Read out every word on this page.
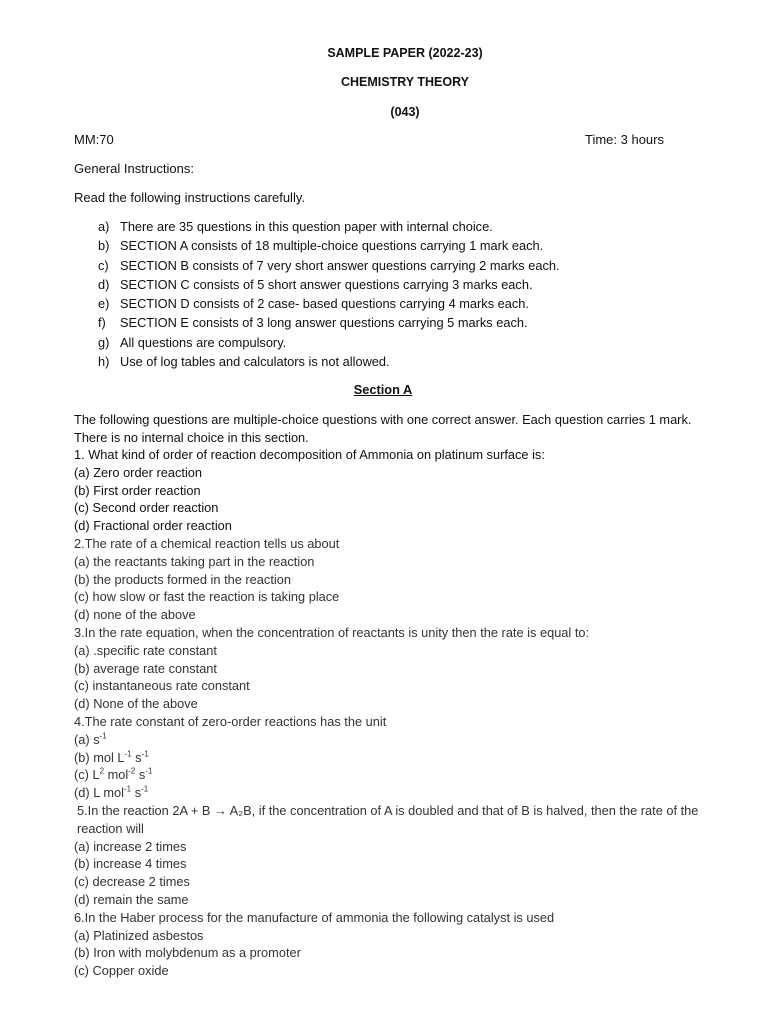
SAMPLE PAPER (2022-23)
CHEMISTRY THEORY
(043)
MM:70	Time: 3 hours
General Instructions:
Read the following instructions carefully.
a) There are 35 questions in this question paper with internal choice.
b) SECTION A consists of 18 multiple-choice questions carrying 1 mark each.
c) SECTION B consists of 7 very short answer questions carrying 2 marks each.
d) SECTION C consists of 5 short answer questions carrying 3 marks each.
e) SECTION D consists of 2 case- based questions carrying 4 marks each.
f)	SECTION E consists of 3 long answer questions carrying 5 marks each.
g) All questions are compulsory.
h) Use of log tables and calculators is not allowed.
Section A
The following questions are multiple-choice questions with one correct answer. Each question carries 1 mark. There is no internal choice in this section.
1. What kind of order of reaction decomposition of Ammonia on platinum surface is:
(a) Zero order reaction
(b) First order reaction
(c) Second order reaction
(d) Fractional order reaction
2.The rate of a chemical reaction tells us about
(a) the reactants taking part in the reaction
(b) the products formed in the reaction
(c) how slow or fast the reaction is taking place
(d) none of the above
3.In the rate equation, when the concentration of reactants is unity then the rate is equal to:
(a) .specific rate constant
(b) average rate constant
(c) instantaneous rate constant
(d) None of the above
4.The rate constant of zero-order reactions has the unit
(a) $s^{-1}$
(b) mol $L^{-1}$ $s^{-1}$
(c) $L^2$ mol$^{-2}$ $s^{-1}$
(d) L mol$^{-1}$ $s^{-1}$
5.In the reaction 2A + B → A₂B, if the concentration of A is doubled and that of B is halved, then the rate of the reaction will
(a) increase 2 times
(b) increase 4 times
(c) decrease 2 times
(d) remain the same
6.In the Haber process for the manufacture of ammonia the following catalyst is used
(a) Platinized asbestos
(b) Iron with molybdenum as a promoter
(c) Copper oxide
